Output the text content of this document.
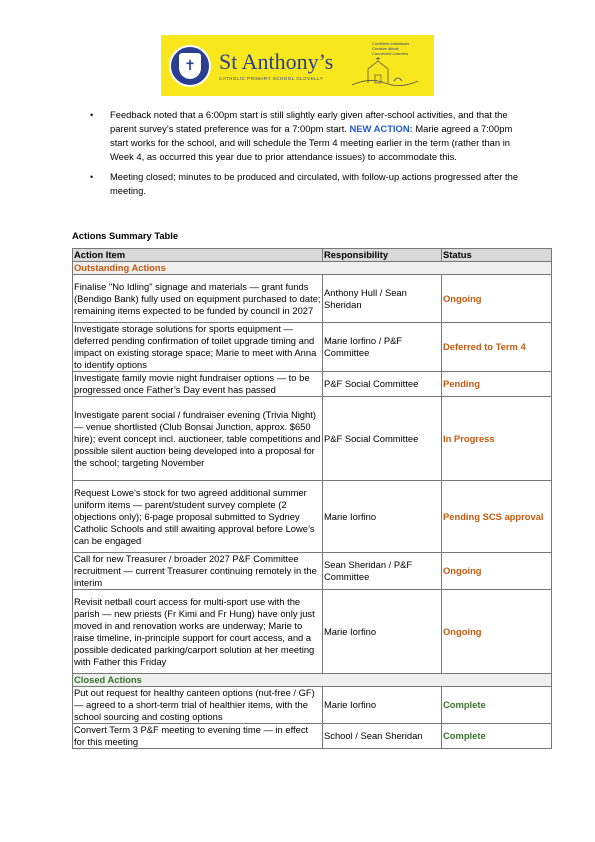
✝ St Anthony’s
CATHOLIC PRIMARY SCHOOL CLOVELLY
Confident Individuals
Creative Minds
Connected Learners
• Feedback noted that a 6:00pm start is still slightly early given after-school activities, and that the parent survey’s stated preference was for a 7:00pm start. NEW ACTION: Marie agreed a 7:00pm start works for the school, and will schedule the Term 4 meeting earlier in the term (rather than in Week 4, as occurred this year due to prior attendance issues) to accommodate this.
• Meeting closed; minutes to be produced and circulated, with follow-up actions progressed after the meeting.
Actions Summary Table
Action Item	Responsibility	Status
Outstanding Actions		
Finalise "No Idling" signage and materials — grant funds (Bendigo Bank) fully used on equipment purchased to date; remaining items expected to be funded by council in 2027	Anthony Hull / Sean Sheridan	Ongoing
Investigate storage solutions for sports equipment — deferred pending confirmation of toilet upgrade timing and impact on existing storage space; Marie to meet with Anna to identify options	Marie Iorfino / P&F Committee	Deferred to Term 4
Investigate family movie night fundraiser options — to be progressed once Father’s Day event has passed	P&F Social Committee	Pending
Investigate parent social / fundraiser evening (Trivia Night) — venue shortlisted (Club Bonsai Junction, approx. $650 hire); event concept incl. auctioneer, table competitions and possible silent auction being developed into a proposal for the school; targeting November	P&F Social Committee	In Progress
Request Lowe’s stock for two agreed additional summer uniform items — parent/student survey complete (2 objections only); 6-page proposal submitted to Sydney Catholic Schools and still awaiting approval before Lowe’s can be engaged	Marie Iorfino	Pending SCS approval
Call for new Treasurer / broader 2027 P&F Committee recruitment — current Treasurer continuing remotely in the interim	Sean Sheridan / P&F Committee	Ongoing
Revisit netball court access for multi-sport use with the parish — new priests (Fr Kimi and Fr Hung) have only just moved in and renovation works are underway; Marie to raise timeline, in-principle support for court access, and a possible dedicated parking/carport solution at her meeting with Father this Friday	Marie Iorfino	Ongoing
Closed Actions		
Put out request for healthy canteen options (nut-free / GF) — agreed to a short-term trial of healthier items, with the school sourcing and costing options	Marie Iorfino	Complete
Convert Term 3 P&F meeting to evening time — in effect for this meeting	School / Sean Sheridan	Complete
